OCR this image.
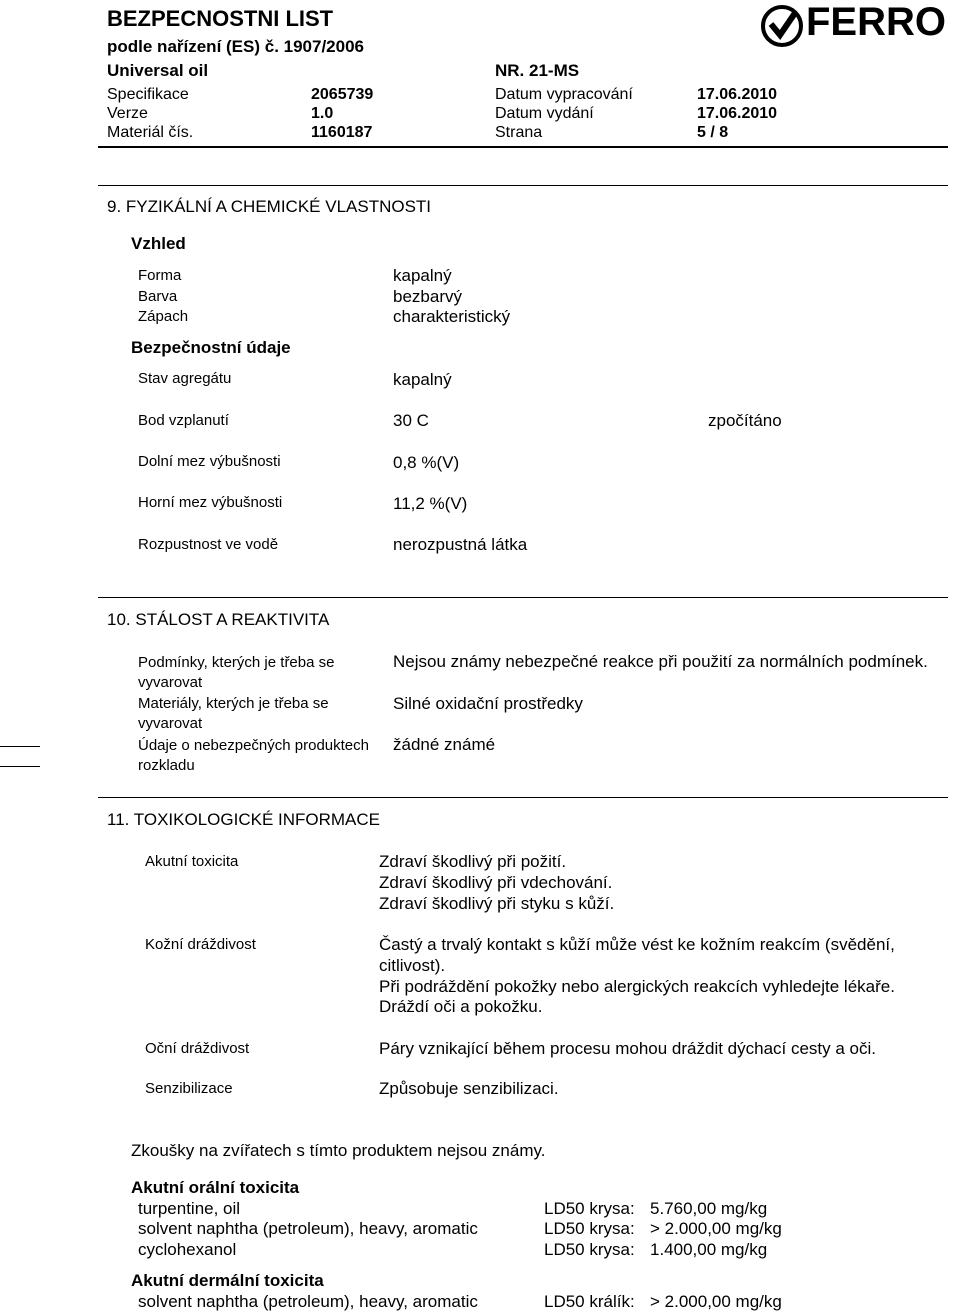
BEZPECNOSTNI LIST
podle nařízení (ES) č. 1907/2006
Universal oil	NR. 21-MS
Specifikace	2065739	Datum vypracování	17.06.2010
Verze	1.0	Datum vydání	17.06.2010
Materiál čís.	1160187	Strana	5 / 8
FERRO
9. FYZIKÁLNÍ A CHEMICKÉ VLASTNOSTI
Vzhled
Forma	kapalný
Barva	bezbarvý
Zápach	charakteristický
Bezpečnostní údaje
Stav agregátu	kapalný
Bod vzplanutí	30 C	zpočítáno
Dolní mez výbušnosti	0,8 %(V)
Horní mez výbušnosti	11,2 %(V)
Rozpustnost ve vodě	nerozpustná látka
10. STÁLOST A REAKTIVITA
Podmínky, kterých je třeba se
vyvarovat
Nejsou známy nebezpečné reakce při použití za normálních podmínek.
Materiály, kterých je třeba se
vyvarovat
Silné oxidační prostředky
Údaje o nebezpečných produktech
rozkladu
žádné známé
11. TOXIKOLOGICKÉ INFORMACE
Akutní toxicita	Zdraví škodlivý při požití.
Zdraví škodlivý při vdechování.
Zdraví škodlivý při styku s kůží.
Kožní dráždivost	Častý a trvalý kontakt s kůží může vést ke kožním reakcím (svědění,
citlivost).
Při podráždění pokožky nebo alergických reakcích vyhledejte lékaře.
Dráždí oči a pokožku.
Oční dráždivost	Páry vznikající během procesu mohou dráždit dýchací cesty a oči.
Senzibilizace	Způsobuje senzibilizaci.
Zkoušky na zvířatech s tímto produktem nejsou známy.
Akutní orální toxicita
turpentine, oil	LD50 krysa: 5.760,00 mg/kg
solvent naphtha (petroleum), heavy, aromatic	LD50 krysa: > 2.000,00 mg/kg
cyclohexanol	LD50 krysa: 1.400,00 mg/kg
Akutní dermální toxicita
solvent naphtha (petroleum), heavy, aromatic	LD50 králík: > 2.000,00 mg/kg
